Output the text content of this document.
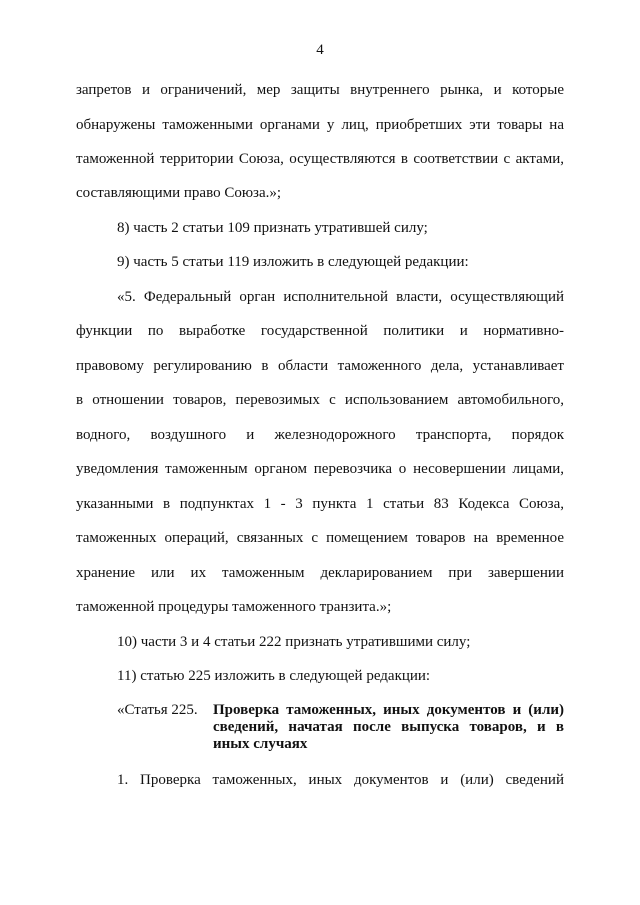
4
запретов и ограничений, мер защиты внутреннего рынка, и которые
обнаружены таможенными органами у лиц, приобретших эти товары на
таможенной территории Союза, осуществляются в соответствии с актами,
составляющими право Союза.»;
8) часть 2 статьи 109 признать утратившей силу;
9) часть 5 статьи 119 изложить в следующей редакции:
«5. Федеральный орган исполнительной власти, осуществляющий
функции по выработке государственной политики и нормативно-
правовому регулированию в области таможенного дела, устанавливает
в отношении товаров, перевозимых с использованием автомобильного,
водного, воздушного и железнодорожного транспорта, порядок
уведомления таможенным органом перевозчика о несовершении лицами,
указанными в подпунктах 1 - 3 пункта 1 статьи 83 Кодекса Союза,
таможенных операций, связанных с помещением товаров на временное
хранение или их таможенным декларированием при завершении
таможенной процедуры таможенного транзита.»;
10) части 3 и 4 статьи 222 признать утратившими силу;
11) статью 225 изложить в следующей редакции:
«Статья 225. Проверка таможенных, иных документов и (или) сведений, начатая после выпуска товаров, и в иных случаях
1. Проверка таможенных, иных документов и (или) сведений
